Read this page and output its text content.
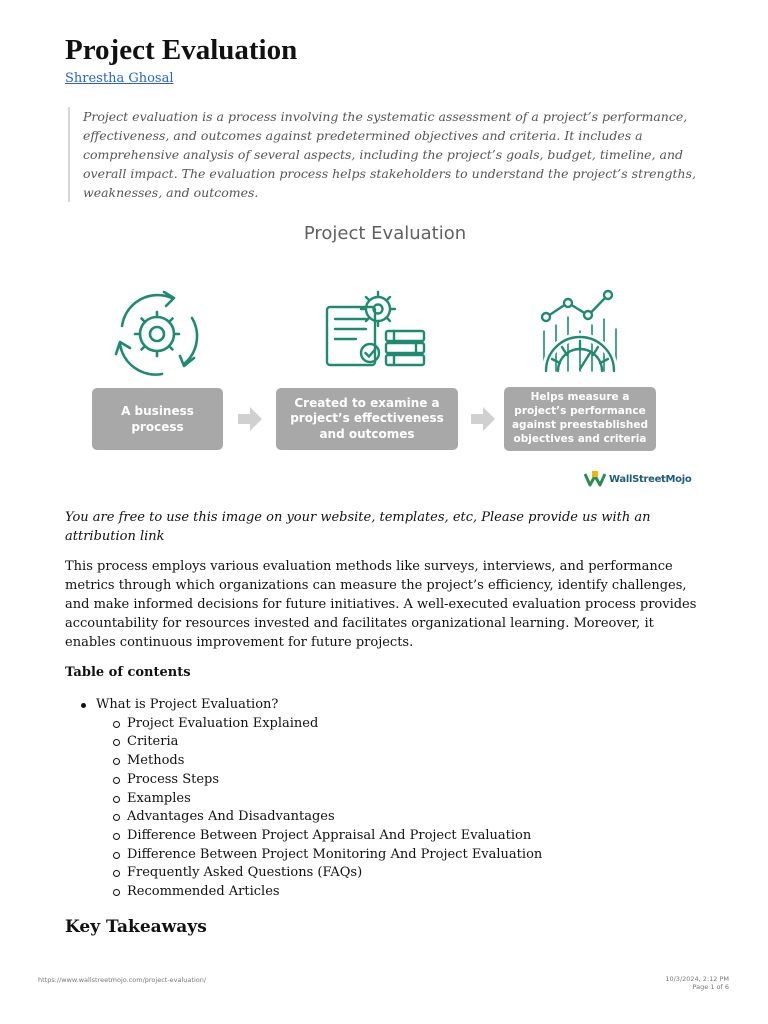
Project Evaluation
Shrestha Ghosal

Project evaluation is a process involving the systematic assessment of a project’s performance, effectiveness, and outcomes against predetermined objectives and criteria. It includes a comprehensive analysis of several aspects, including the project’s goals, budget, timeline, and overall impact. The evaluation process helps stakeholders to understand the project’s strengths, weaknesses, and outcomes.

Project Evaluation
A business
process
Created to examine a
project’s effectiveness
and outcomes
Helps measure a
project’s performance
against preestablished
objectives and criteria
WallStreetMojo

You are free to use this image on your website, templates, etc, Please provide us with an attribution link

This process employs various evaluation methods like surveys, interviews, and performance metrics through which organizations can measure the project’s efficiency, identify challenges, and make informed decisions for future initiatives. A well-executed evaluation process provides accountability for resources invested and facilitates organizational learning. Moreover, it enables continuous improvement for future projects.

Table of contents
What is Project Evaluation?
Project Evaluation Explained
Criteria
Methods
Process Steps
Examples
Advantages And Disadvantages
Difference Between Project Appraisal And Project Evaluation
Difference Between Project Monitoring And Project Evaluation
Frequently Asked Questions (FAQs)
Recommended Articles
Key Takeaways
https://www.wallstreetmojo.com/project-evaluation/	10/3/2024, 2:12 PM
Page 1 of 6
